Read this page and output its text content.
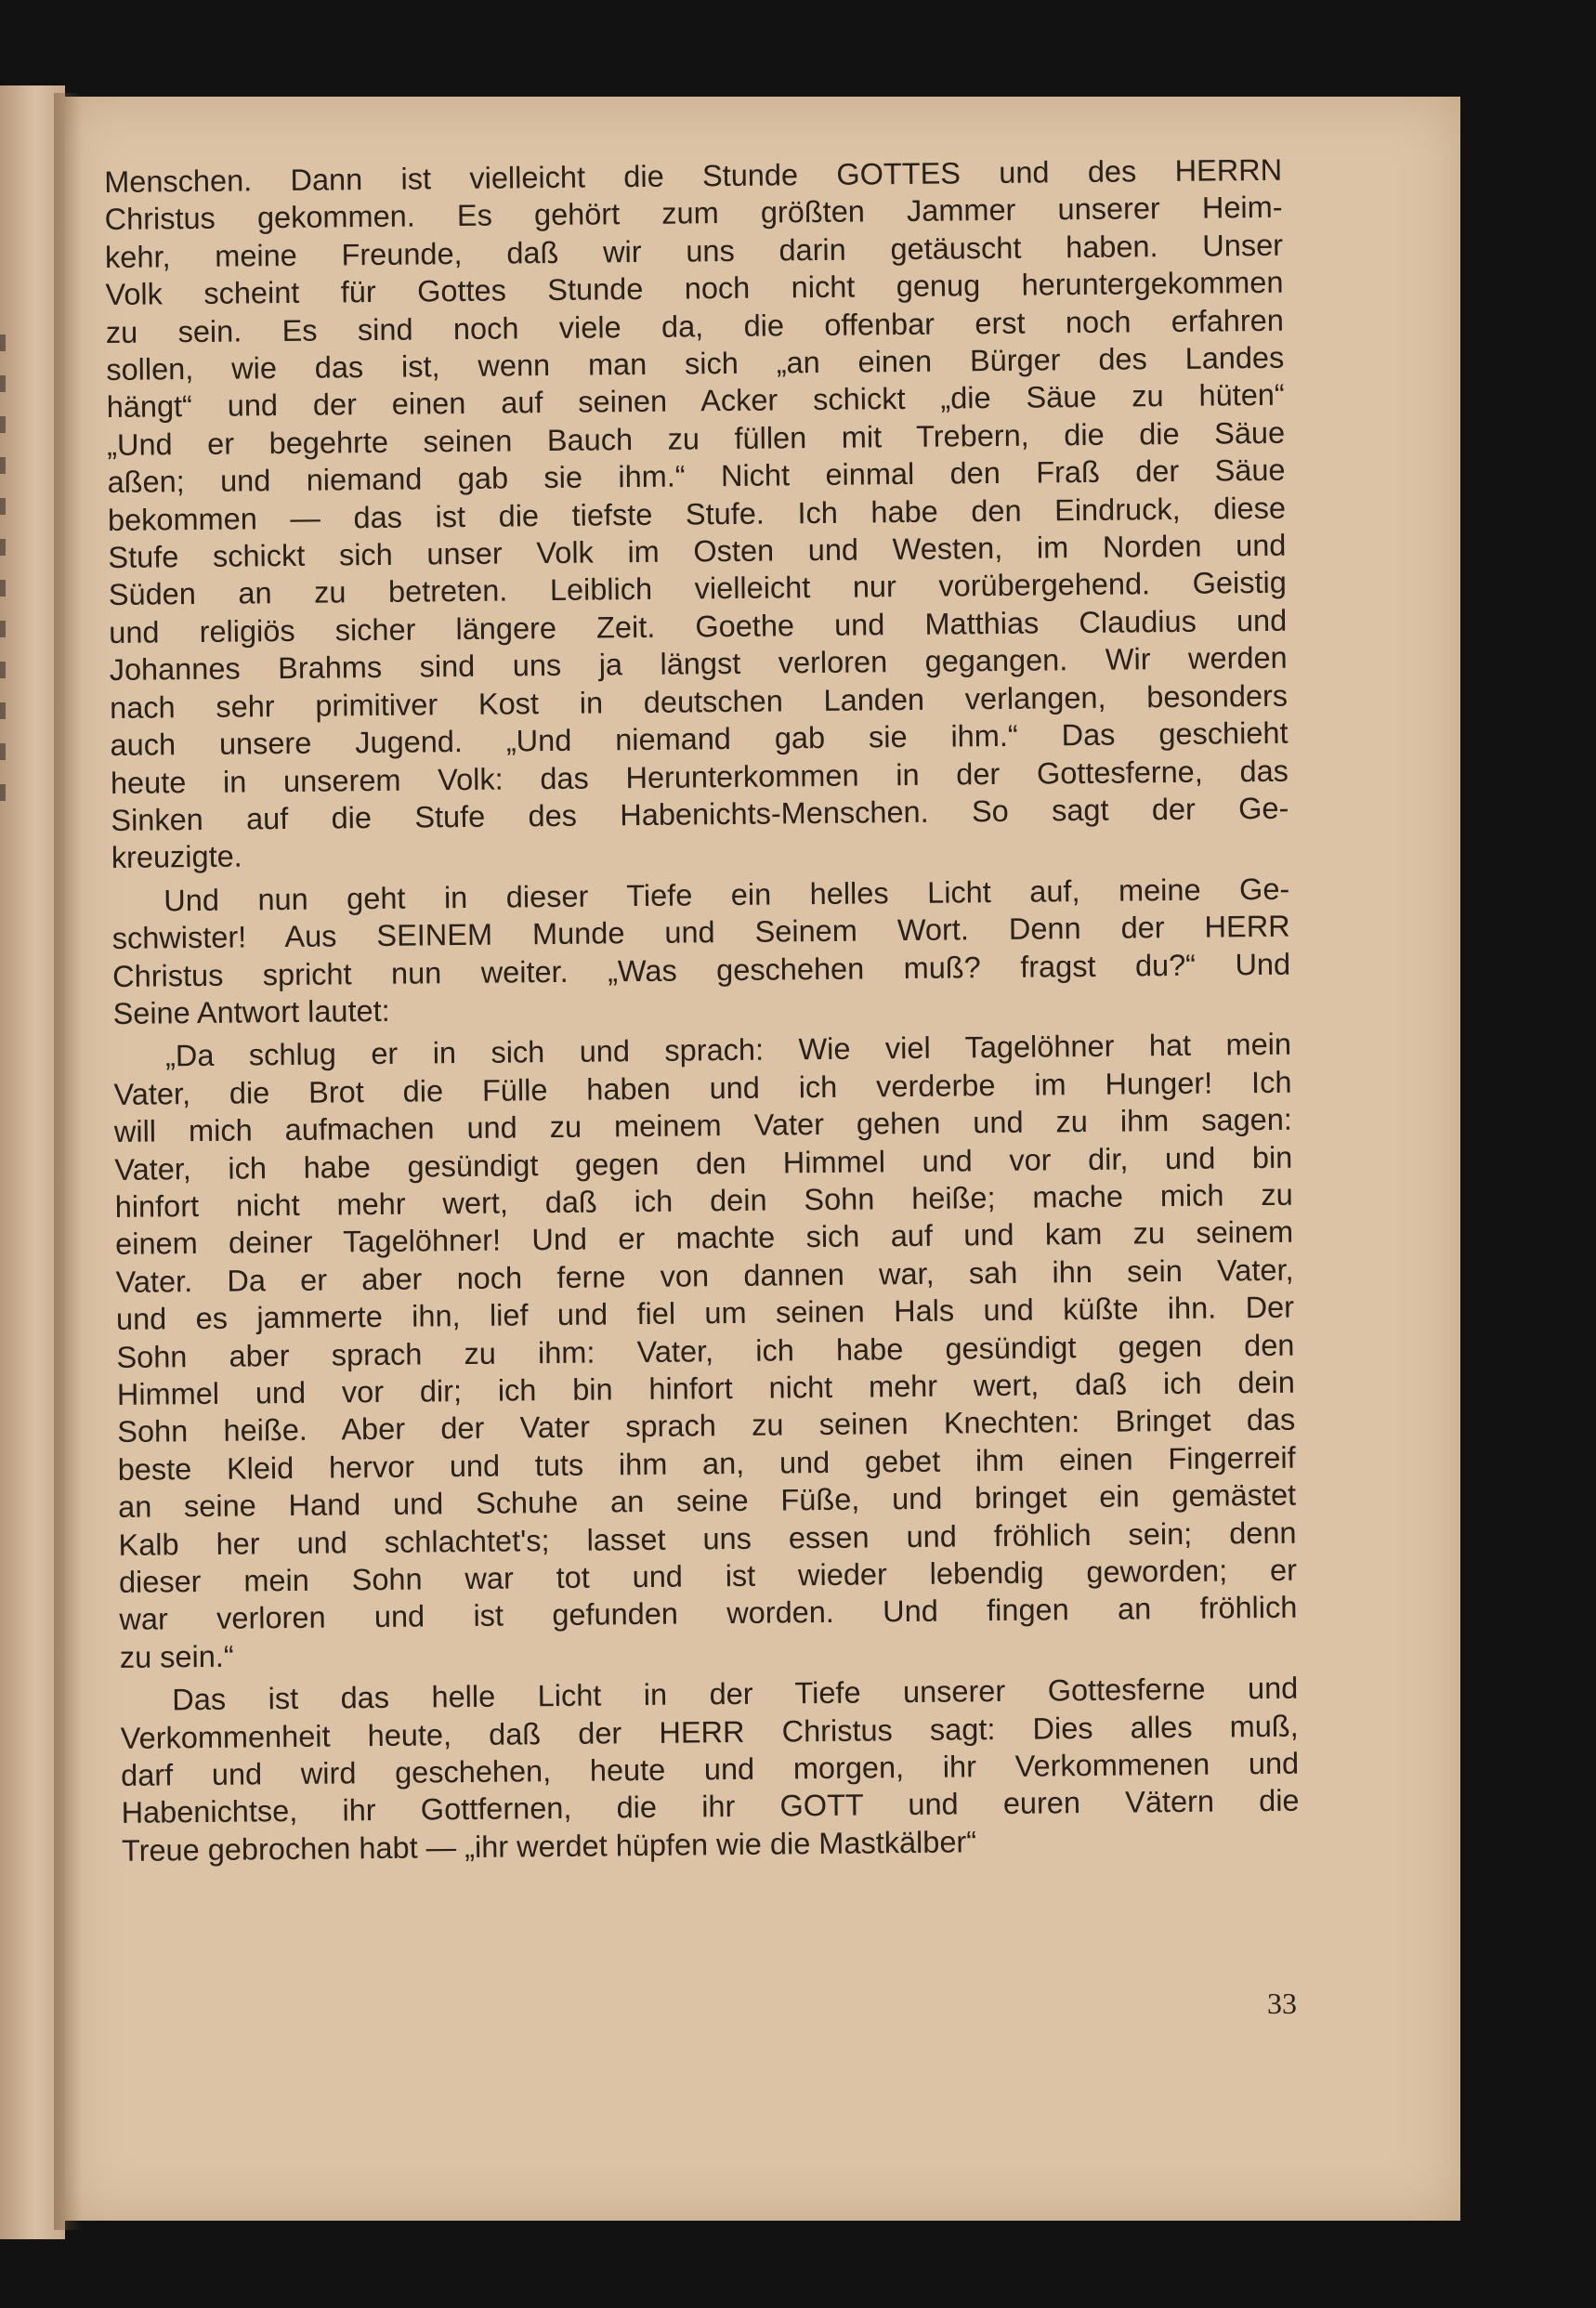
Menschen. Dann ist vielleicht die Stunde GOTTES und des HERRN
Christus gekommen. Es gehört zum größten Jammer unserer Heim-
kehr, meine Freunde, daß wir uns darin getäuscht haben. Unser
Volk scheint für Gottes Stunde noch nicht genug heruntergekommen
zu sein. Es sind noch viele da, die offenbar erst noch erfahren
sollen, wie das ist, wenn man sich „an einen Bürger des Landes
hängt“ und der einen auf seinen Acker schickt „die Säue zu hüten“
„Und er begehrte seinen Bauch zu füllen mit Trebern, die die Säue
aßen; und niemand gab sie ihm.“ Nicht einmal den Fraß der Säue
bekommen — das ist die tiefste Stufe. Ich habe den Eindruck, diese
Stufe schickt sich unser Volk im Osten und Westen, im Norden und
Süden an zu betreten. Leiblich vielleicht nur vorübergehend. Geistig
und religiös sicher längere Zeit. Goethe und Matthias Claudius und
Johannes Brahms sind uns ja längst verloren gegangen. Wir werden
nach sehr primitiver Kost in deutschen Landen verlangen, besonders
auch unsere Jugend. „Und niemand gab sie ihm.“ Das geschieht
heute in unserem Volk: das Herunterkommen in der Gottesferne, das
Sinken auf die Stufe des Habenichts-Menschen. So sagt der Ge-
kreuzigte.
Und nun geht in dieser Tiefe ein helles Licht auf, meine Ge-
schwister! Aus SEINEM Munde und Seinem Wort. Denn der HERR
Christus spricht nun weiter. „Was geschehen muß? fragst du?“ Und
Seine Antwort lautet:
„Da schlug er in sich und sprach: Wie viel Tagelöhner hat mein
Vater, die Brot die Fülle haben und ich verderbe im Hunger! Ich
will mich aufmachen und zu meinem Vater gehen und zu ihm sagen:
Vater, ich habe gesündigt gegen den Himmel und vor dir, und bin
hinfort nicht mehr wert, daß ich dein Sohn heiße; mache mich zu
einem deiner Tagelöhner! Und er machte sich auf und kam zu seinem
Vater. Da er aber noch ferne von dannen war, sah ihn sein Vater,
und es jammerte ihn, lief und fiel um seinen Hals und küßte ihn. Der
Sohn aber sprach zu ihm: Vater, ich habe gesündigt gegen den
Himmel und vor dir; ich bin hinfort nicht mehr wert, daß ich dein
Sohn heiße. Aber der Vater sprach zu seinen Knechten: Bringet das
beste Kleid hervor und tuts ihm an, und gebet ihm einen Fingerreif
an seine Hand und Schuhe an seine Füße, und bringet ein gemästet
Kalb her und schlachtet's; lasset uns essen und fröhlich sein; denn
dieser mein Sohn war tot und ist wieder lebendig geworden; er
war verloren und ist gefunden worden. Und fingen an fröhlich
zu sein.“
Das ist das helle Licht in der Tiefe unserer Gottesferne und
Verkommenheit heute, daß der HERR Christus sagt: Dies alles muß,
darf und wird geschehen, heute und morgen, ihr Verkommenen und
Habenichtse, ihr Gottfernen, die ihr GOTT und euren Vätern die
Treue gebrochen habt — „ihr werdet hüpfen wie die Mastkälber“
33
